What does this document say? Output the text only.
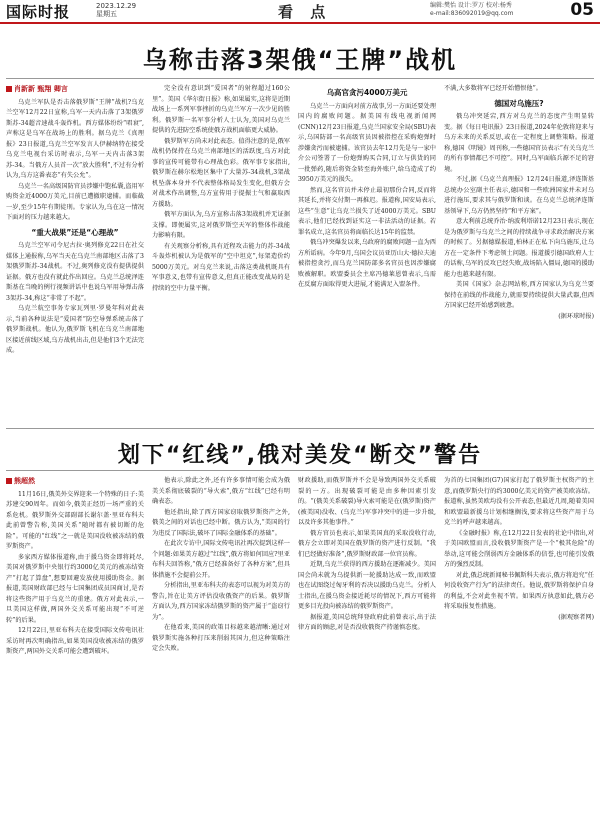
国际时报	2023.12.29
星期五	看 点	编辑:樊怡 设计:罗万 校对:杨秀
e-mail:836092019@qq.com	05
乌称击落3架俄“王牌”战机
肖新新 甄翔 卿言

乌克兰军队是否击落俄罗斯“王牌”战机?乌克兰空军12月22日宣称,乌军一天内击落了3架俄罗斯苏-34超音速战斗轰炸机。西方媒体纷纷“唱衰”,声称这是乌军在战场上的胜利。据乌克兰《真理报》23日报道,乌克兰空军发言人伊赫纳特在接受乌克兰电视台采访时表示,乌军一天内击落3架苏-34。当俄方人员首一次“放大胜利”,不过有分析认为,乌方这番表态“有失公允”。

乌克兰一名高级国防官员涉嫌中饱私囊,盗用军购资金近4000万美元,目前已遭撤职逮捕。而临截一岁,至少15年有期徒刑。专家认为,乌在这一情况下面对的压力越来越大。

“重大战果”还是“心理战”

乌克兰空军司令尼古拉·奥列修克22日在社交媒体上通报称,乌军当天在乌克兰南部地区击落了3架俄罗斯苏-34战机。不过,奥列修克没有提供提供证据。俄方也没有就此作出回应。乌克兰总统泽连斯基在当晚的例行视频讲话中也说乌军用导弹击落3架苏-34,称这“非常了不起”。

乌克兰航空事务专家瓦列里·罗曼年科对此表示,当前各种说法是“爱国者”防空导弹系统击落了俄罗斯战机。他认为,俄罗斯飞机在乌克兰南部地区接近前线区域,乌方战机出击,但是他们3个无法完成。

完全没有意识到“爱国者”的射程超过160公里”。美国《华尔街日报》称,如果属实,这将是近期战场上一系列军事挫折的乌克兰军方一次少见的胜利。俄罗斯一名军事分析人士认为,美国对乌克兰提供的先进防空系统使俄方战机面临更大威胁。

俄罗斯军方尚未对此表态。值得注意的是,俄军战机仍保持在乌克兰南部地区的活跃度,乌方对此事的宣传可能带有心理战色彩。俄军事专家指出,俄罗斯在赫尔松地区集中了大量苏-34战机,3架战机坠落本身并不代表整体格局发生变化,但俄方会对战术作出调整,乌方宣传用于提振士气和赢取西方援助。

俄军方面认为,乌方宣称击落3架战机并无证据支撑。即便属实,这对俄罗斯空天军的整体作战能力影响有限。

有关观察分析称,具有近程攻击能力的苏-34战斗轰炸机被认为是俄军的“空中坦克”,每架造价约5000万美元。对乌克兰来说,击落这类战机既具有军事意义,也带有宣传意义,但真正能改变战局的是持续的空中力量平衡。

乌高官贪污4000万美元

乌克兰一方面向对前方战事,另一方面还要处理国内的腐败问题。据美国有线电视新闻网(CNN)12月23日报道,乌克兰国家安全局(SBU)表示,乌国防部一名高级官员因被指控在采购炮弹时涉嫌贪污而被逮捕。该官员去年12月先是与一家中介公司签署了一份炮弹购买合同,订立与供货的同一批弹药,随后将资金转至海外账户,给乌造成了约3950万美元的损失。

然而,这名官员并未停止最初那份合同,反而将其延长,并将交付期一再推迟。报道称,国安局表示,这些“生意”让乌克兰损失了近4000万美元。SBU表示,他们已经找到证实这一非法活动的证据。若罪名成立,这名官员将面临长达15年的监禁。

俄乌冲突爆发以来,乌政府的腐败问题一直为西方所诟病。今年9月,乌国会议员亚历山大·德拉夫迪被指控贪污,而乌克兰国防部多名官员也因涉嫌腐败被解职。欧盟委员会主席冯德莱恩曾表示,乌需在反腐方面取得更大进展,才能满足入盟条件。

不满,大多数将军已经开始憎恨他”。

德国对乌施压?

俄乌冲突延宕,西方对乌克兰的态度产生明显转变。据《每日电讯报》23日报道,2024年伦敦将迎来与乌方未来的关系反思,或在一定程度上调整策略。报道称,德国《明镜》周刊称,一些德国官员表示“有关乌克兰的所有事情都已不可控”。同时,乌军面临兵源不足的窘境。

不过,据《乌克兰真理报》12月24日报道,泽连斯基总统办公室副主任表示,德国和一些欧洲国家并未对乌进行施压,要求其与俄罗斯和谈。在乌克兰总统泽连斯基领导下,乌方仍然坚持“和平方案”。

意大利前总统乔治·纳波利塔诺12月23日表示,现在是为俄罗斯与乌克兰之间的持续战争寻求政治解决方案的时候了。另据德媒报道,柏林正在私下向乌施压,让乌方在一定条件下考虑领土问题。报道援引德国政府人士的话称,乌军的反攻已经失败,战场陷入僵局,德国的援助能力也越来越有限。

美国《国家》杂志网站称,西方国家认为乌克兰要保持在前线的作战能力,就需要持续提供大量武器,但西方国家已经开始感到疲惫。

(据环球时报)
划下“红线”,俄对美发“断交”警告
熊超然

11月16日,俄美外交界迎来一个特殊的日子:美苏建交90周年。而如今,俄美正经历一场严重的关系危机。俄罗斯外交部副部长谢尔盖·里亚布科夫此前曾警告称,美国关系“随时都有被切断的危险”。可能的“红线”之一就是美国没收被冻结的俄罗斯资产。

多家西方媒体报道称,由于援乌资金即将耗尽,美国对俄罗斯中央银行约3000亿美元的被冻结资产“打起了算盘”,想要回避发放使用援助资金。据报道,美国财政部已经与七国集团成员国商讨,是否将这些资产用于乌克兰的重建。俄方对此表示,一旦美国这样做,两国外交关系可能出现“不可逆转”的后果。

12月22日,里亚布科夫在接受国际文传电讯社采访时再次明确指出,如果美国没收被冻结的俄罗斯资产,两国外交关系可能会遭到破坏。

他表示,除此之外,还有许多事情可能会成为俄美关系彻底破裂的“导火索”,俄方“红线”已经有明确表态。

他还指出,除了西方国家窃取俄罗斯资产之外,俄美之间的对话也已经中断。俄方认为,“美国的行为违反了国际法,破坏了国际金融体系的基础”。

在此次专访中,国际文传电讯社再次提到这样一个问题:如果美方越过“红线”,俄方将如何回应?里亚布科夫回答称,“俄方已经准备好了各种方案”,但具体措施不会提前公开。

分析指出,里亚布科夫的表态可以视为对美方的警告,旨在让美方评估没收俄资产的后果。俄罗斯方面认为,西方国家冻结俄罗斯的资产属于“盗窃行为”。

在他看来,美国的政策目标越来越清晰:通过对俄罗斯实施各种打压来削弱其国力,但这种策略注定会失败。

财政援助,而俄罗斯并不会是导致两国外交关系破裂的一方。出现破裂可能是由多种因素引发的。“(俄美关系破裂)导火索可能是在(俄罗斯)资产(被美国)没收、(乌克兰)军事冲突中的进一步升级,以及许多其他事件。”

俄方官员也表示,如果美国真的采取没收行动,俄方会立即对美国在俄罗斯的资产进行反制。“我们已经做好准备”,俄罗斯财政部一位官员称。

近期,乌克兰获得的西方援助在逐渐减少。美国国会尚未就为乌提供新一轮援助达成一致,而欧盟也在试图绕过匈牙利的否决以援助乌克兰。分析人士指出,在援乌资金接近耗尽的情况下,西方可能将更多目光投向被冻结的俄罗斯资产。

据报道,美国总统拜登政府此前曾表示,出于法律方面的顾虑,对是否没收俄资产持谨慎态度。

为首的七国集团(G7)国家打起了俄罗斯主权资产的主意,而俄罗斯央行的约3000亿美元的资产被美欧冻结。报道称,虽然美欧均没有公开表态,但最近几周,随着美国和欧盟最新援乌计划相继搁浅,要求将这些资产用于乌克兰的呼声越来越高。

《金融时报》称,在12月22日发表的社论中指出,对于美国欧盟而言,没收俄罗斯资产是一个“极其危险”的举动,这可能会削弱西方金融体系的信誉,也可能引发俄方的强烈反制。

对此,俄总统新闻秘书佩斯科夫表示,俄方将追究“任何没收资产行为”的法律责任。他说,俄罗斯将保护自身的利益,不会对此坐视不管。如果西方执意如此,俄方必将采取报复性措施。

(据观察者网)
